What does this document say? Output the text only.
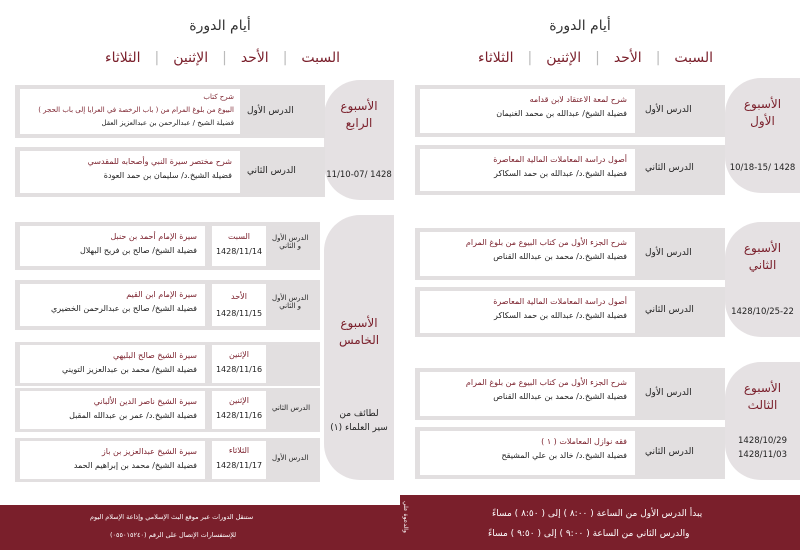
أيام الدورة
السبت
|
الأحد
|
الإثنين
|
الثلاثاء
الأسبوع
الرابع
1428 /11/10-07
شرح كتاب
البيوع من بلوغ المرام من ( باب الرخصة في العرايا إلى باب الحجر )
فضيلة الشيخ / عبدالرحمن بن عبدالعزيز العقل
الدرس الأول
شرح مختصر سيرة النبي وأصحابه للمقدسي
فضيلة الشيخ.د/ سليمان بن حمد العودة الدرس الثاني
الأسبوع
الخامس
لطائف من
سير العلماء (١)
سيرة الإمام أحمد بن حنبل
فضيلة الشيخ/ صالح بن فريح البهلال
السبت
1428/11/14
الدرس الأول
و الثاني
سيرة الإمام ابن القيم
فضيلة الشيخ/ صالح بن عبدالرحمن الخضيري
الأحد
1428/11/15
الدرس الأول
و الثاني
سيرة الشيخ صالح البليهي
فضيلة الشيخ/ محمد بن عبدالعزيز التويني
الإثنين
1428/11/16
سيرة الشيخ ناصر الدين الألباني
فضيلة الشيخ.د/ عمر بن عبدالله المقبل
الإثنين
1428/11/16
الدرس الثاني
سيرة الشيخ عبدالعزيز بن باز
فضيلة الشيخ/ محمد بن إبراهيم الحمد
الثلاثاء
1428/11/17
الدرس الأول
ستنقل الدورات عبر موقع البث الإسلامي وإذاعة الإسلام اليوم
للإستفسارات الإتصال على الرقم (٠٥٥٠١٥٢٤٠)
أيام الدورة
السبت
|
الأحد
|
الإثنين
|
الثلاثاء
الأسبوع
الأول
1428 /10/18-15
شرح لمعة الاعتقاد لابن قدامه
فضيلة الشيخ/ عبدالله بن محمد الغنيمان الدرس الأول
أصول دراسة المعاملات المالية المعاصرة
فضيلة الشيخ.د/ عبدالله بن حمد السكاكر
الدرس الثاني
الأسبوع
الثاني
1428/10/25-22
شرح الجزء الأول من كتاب البيوع من بلوغ المرام
فضيلة الشيخ.د/ محمد بن عبدالله القناص الدرس الأول
أصول دراسة المعاملات المالية المعاصرة
فضيلة الشيخ.د/ عبدالله بن حمد السكاكر
الدرس الثاني
الأسبوع
الثالث
1428/10/29
1428/11/03
شرح الجزء الأول من كتاب البيوع من بلوغ المرام
فضيلة الشيخ.د/ محمد بن عبدالله القناص الدرس الأول
فقه نوازل المعاملات ( ١ )
فضيلة الشيخ.د/ خالد بن علي المشيقح الدرس الثاني
يبدأ الدرس الأول من الساعة ( ٨:٠٠ ) إلى ( ٨:٥٠ ) مساءً
والدرس الثاني من الساعة ( ٩:٠٠ ) إلى ( ٩:٥٠ ) مساءً
والدعوة علي
